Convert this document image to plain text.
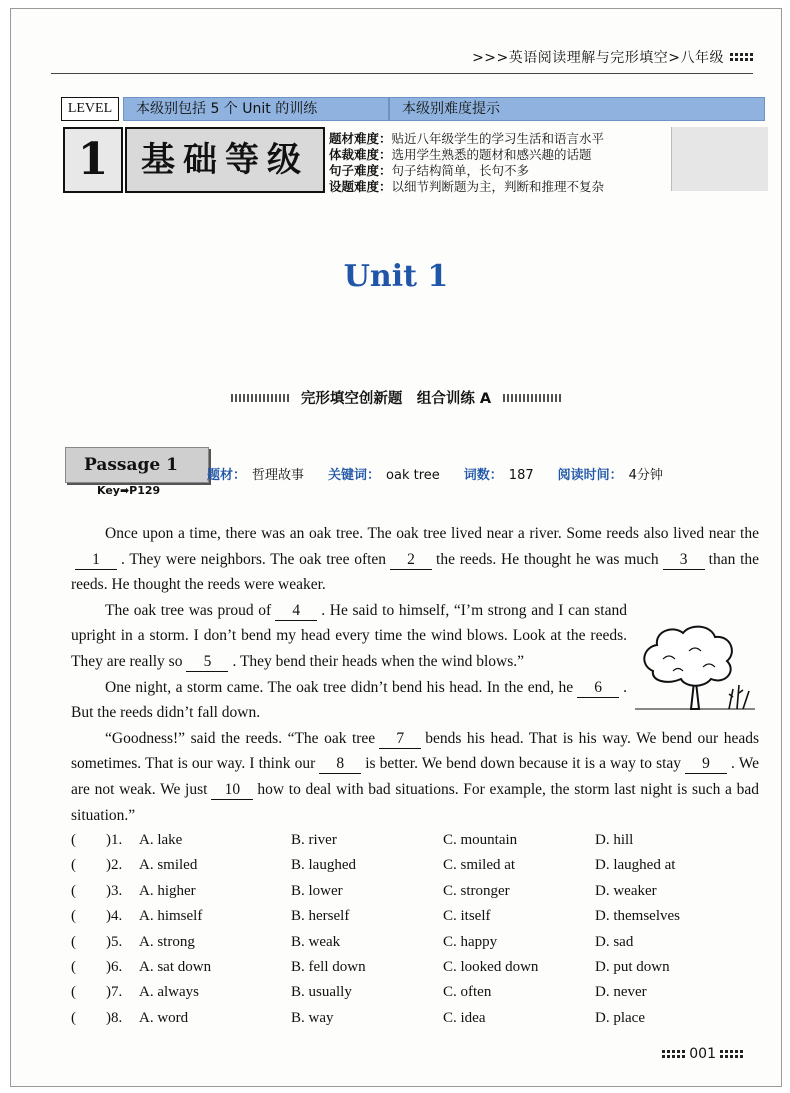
>>>英语阅读理解与完形填空>八年级
LEVEL	本级别包括 5 个 Unit 的训练	本级别难度提示
1 基础等级
题材难度：贴近八年级学生的学习生活和语言水平
体裁难度：选用学生熟悉的题材和感兴趣的话题
句子难度：句子结构简单，长句不多
设题难度：以细节判断题为主，判断和推理不复杂
Unit 1
完形填空创新题　组合训练 A
Passage 1
Key➡P129
题材： 哲理故事 关键词： oak tree 词数： 187 阅读时间： 4分钟

Once upon a time, there was an oak tree. The oak tree lived near a river. Some reeds also lived near the1 . They were neighbors. The oak tree often 2 the reeds. He thought he was much 3 than the reeds. He thought the reeds were weaker.

The oak tree was proud of 4 . He said to himself, “I’m strong and I can stand upright in a storm. I don’t bend my head every time the wind blows. Look at the reeds. They are really so 5 . They bend their heads when the wind blows.”

One night, a storm came. The oak tree didn’t bend his head. In the end, he 6 . But the reeds didn’t fall down.

“Goodness!” said the reeds. “The oak tree 7 bends his head. That is his way. We bend our heads sometimes. That is our way. I think our 8 is better. We bend down because it is a way to stay 9 . We are not weak. We just 10 how to deal with bad situations. For example, the storm last night is such a bad situation.”

(　　)1.	A. lake	B. river	C. mountain	D. hill
(　　)2.	A. smiled	B. laughed	C. smiled at	D. laughed at
(　　)3.	A. higher	B. lower	C. stronger	D. weaker
(　　)4.	A. himself	B. herself	C. itself	D. themselves
(　　)5.	A. strong	B. weak	C. happy	D. sad
(　　)6.	A. sat down	B. fell down	C. looked down	D. put down
(　　)7.	A. always	B. usually	C. often	D. never
(　　)8.	A. word	B. way	C. idea	D. place
001
